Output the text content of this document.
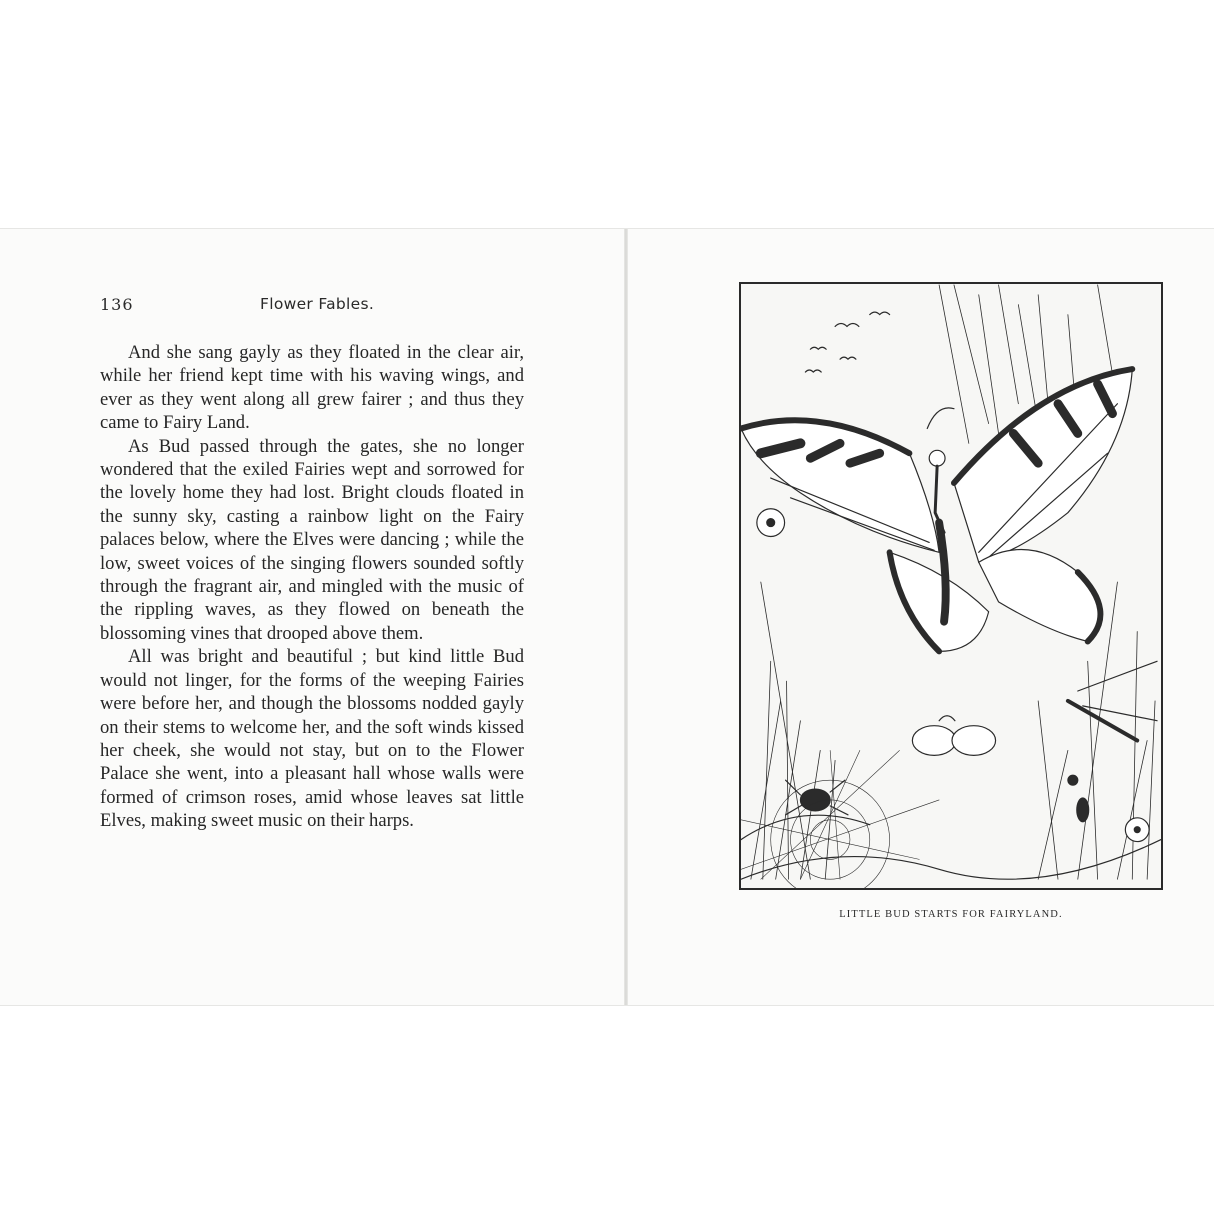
136	Flower Fables.

And she sang gayly as they floated in the clear air, while her friend kept time with his waving wings, and ever as they went along all grew fairer ; and thus they came to Fairy Land.

As Bud passed through the gates, she no longer wondered that the exiled Fairies wept and sorrowed for the lovely home they had lost. Bright clouds floated in the sunny sky, casting a rainbow light on the Fairy palaces below, where the Elves were dancing ; while the low, sweet voices of the singing flowers sounded softly through the fragrant air, and mingled with the music of the rippling waves, as they flowed on beneath the blossoming vines that drooped above them.

All was bright and beautiful ; but kind little Bud would not linger, for the forms of the weeping Fairies were before her, and though the blossoms nodded gayly on their stems to welcome her, and the soft winds kissed her cheek, she would not stay, but on to the Flower Palace she went, into a pleasant hall whose walls were formed of crimson roses, amid whose leaves sat little Elves, making sweet music on their harps.

LITTLE BUD STARTS FOR FAIRYLAND.
